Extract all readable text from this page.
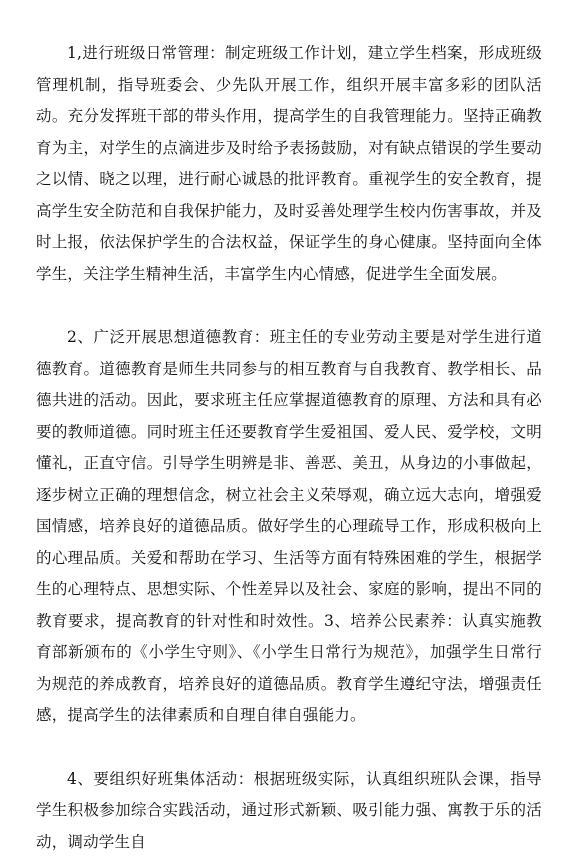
1,进行班级日常管理：制定班级工作计划，建立学生档案，形成班级管理机制，指导班委会、少先队开展工作，组织开展丰富多彩的团队活动。充分发挥班干部的带头作用，提高学生的自我管理能力。坚持正确教育为主，对学生的点滴进步及时给予表扬鼓励，对有缺点错误的学生要动之以情、晓之以理，进行耐心诚恳的批评教育。重视学生的安全教育，提高学生安全防范和自我保护能力，及时妥善处理学生校内伤害事故，并及时上报，依法保护学生的合法权益，保证学生的身心健康。坚持面向全体学生，关注学生精神生活，丰富学生内心情感，促进学生全面发展。

2、广泛开展思想道德教育：班主任的专业劳动主要是对学生进行道德教育。道德教育是师生共同参与的相互教育与自我教育、教学相长、品德共进的活动。因此，要求班主任应掌握道德教育的原理、方法和具有必要的教师道德。同时班主任还要教育学生爱祖国、爱人民、爱学校，文明懂礼，正直守信。引导学生明辨是非、善恶、美丑，从身边的小事做起，逐步树立正确的理想信念，树立社会主义荣辱观，确立远大志向，增强爱国情感，培养良好的道德品质。做好学生的心理疏导工作，形成积极向上的心理品质。关爱和帮助在学习、生活等方面有特殊困难的学生，根据学生的心理特点、思想实际、个性差异以及社会、家庭的影响，提出不同的教育要求，提高教育的针对性和时效性。3、培养公民素养：认真实施教育部新颁布的《小学生守则》、《小学生日常行为规范》，加强学生日常行为规范的养成教育，培养良好的道德品质。教育学生遵纪守法，增强责任感，提高学生的法律素质和自理自律自强能力。

4、要组织好班集体活动：根据班级实际，认真组织班队会课，指导学生积极参加综合实践活动，通过形式新颖、吸引能力强、寓教于乐的活动，调动学生自
